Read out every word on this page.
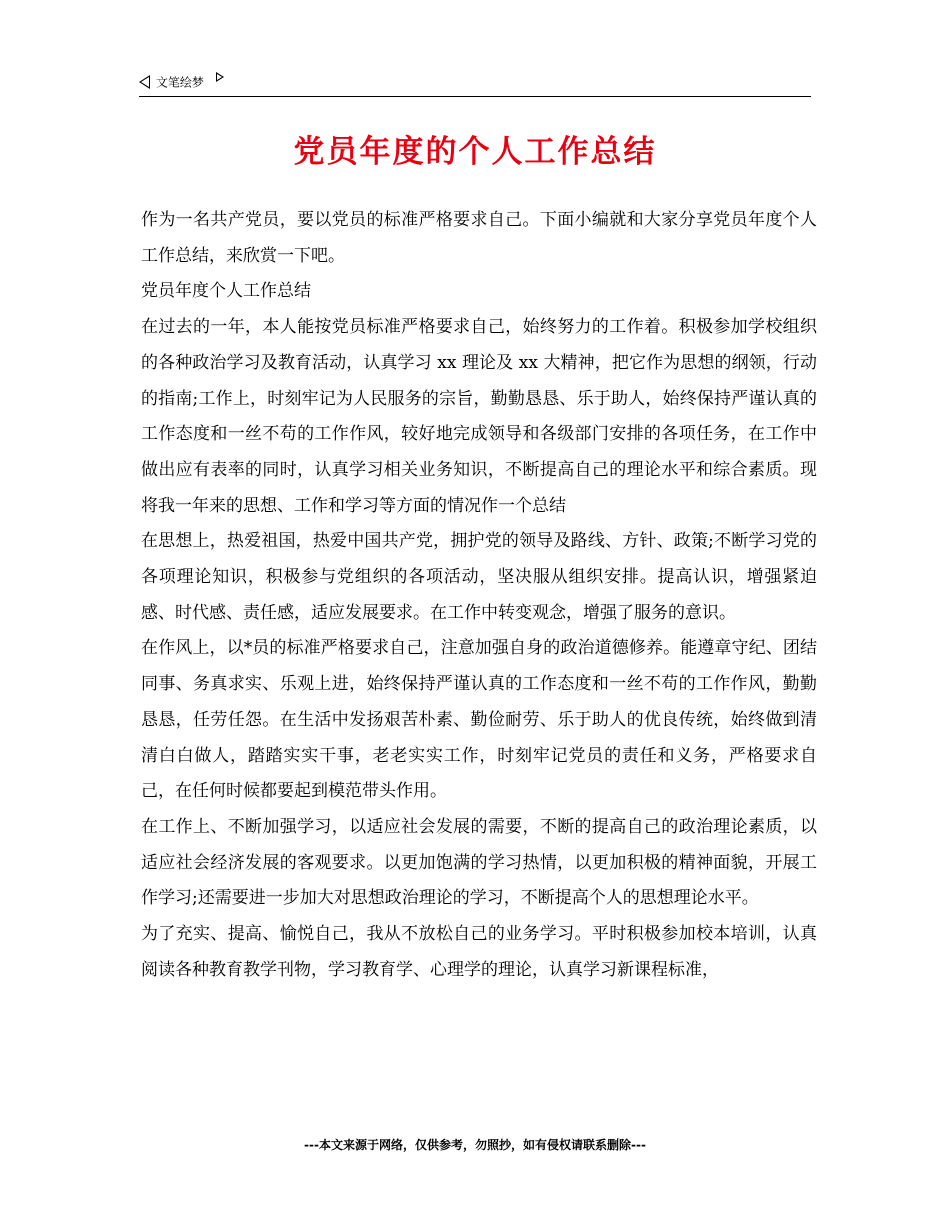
文笔绘梦
党员年度的个人工作总结

作为一名共产党员，要以党员的标准严格要求自己。下面小编就和大家分享党员年度个人工作总结，来欣赏一下吧。

党员年度个人工作总结

在过去的一年，本人能按党员标准严格要求自己，始终努力的工作着。积极参加学校组织的各种政治学习及教育活动，认真学习 xx 理论及 xx 大精神，把它作为思想的纲领，行动的指南;工作上，时刻牢记为人民服务的宗旨，勤勤恳恳、乐于助人，始终保持严谨认真的工作态度和一丝不苟的工作作风，较好地完成领导和各级部门安排的各项任务，在工作中做出应有表率的同时，认真学习相关业务知识，不断提高自己的理论水平和综合素质。现将我一年来的思想、工作和学习等方面的情况作一个总结

在思想上，热爱祖国，热爱中国共产党，拥护党的领导及路线、方针、政策;不断学习党的各项理论知识，积极参与党组织的各项活动，坚决服从组织安排。提高认识，增强紧迫感、时代感、责任感，适应发展要求。在工作中转变观念，增强了服务的意识。

在作风上，以*员的标准严格要求自己，注意加强自身的政治道德修养。能遵章守纪、团结同事、务真求实、乐观上进，始终保持严谨认真的工作态度和一丝不苟的工作作风，勤勤恳恳，任劳任怨。在生活中发扬艰苦朴素、勤俭耐劳、乐于助人的优良传统，始终做到清清白白做人，踏踏实实干事，老老实实工作，时刻牢记党员的责任和义务，严格要求自己，在任何时候都要起到模范带头作用。

在工作上、不断加强学习，以适应社会发展的需要，不断的提高自己的政治理论素质，以适应社会经济发展的客观要求。以更加饱满的学习热情，以更加积极的精神面貌，开展工作学习;还需要进一步加大对思想政治理论的学习，不断提高个人的思想理论水平。

为了充实、提高、愉悦自己，我从不放松自己的业务学习。平时积极参加校本培训，认真阅读各种教育教学刊物，学习教育学、心理学的理论，认真学习新课程标准，

---本文来源于网络，仅供参考，勿照抄，如有侵权请联系删除---
